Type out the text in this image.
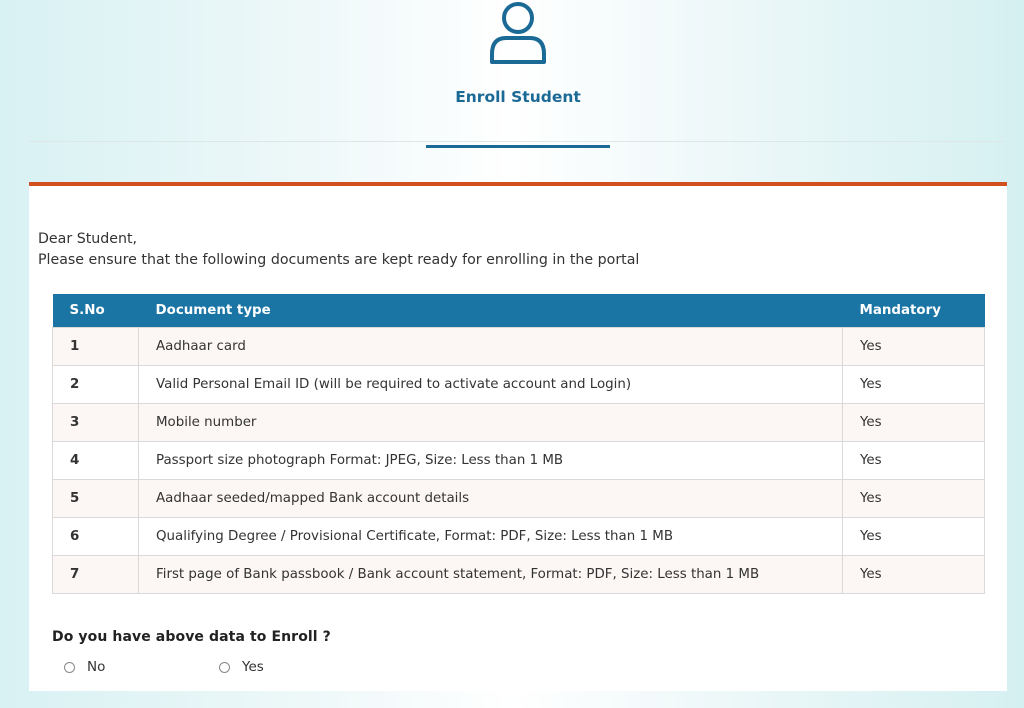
Enroll Student
Dear Student,
Please ensure that the following documents are kept ready for enrolling in the portal
S.No	Document type	Mandatory
1	Aadhaar card	Yes
2	Valid Personal Email ID (will be required to activate account and Login)	Yes
3	Mobile number	Yes
4	Passport size photograph Format: JPEG, Size: Less than 1 MB	Yes
5	Aadhaar seeded/mapped Bank account details	Yes
6	Qualifying Degree / Provisional Certificate, Format: PDF, Size: Less than 1 MB	Yes
7	First page of Bank passbook / Bank account statement, Format: PDF, Size: Less than 1 MB	Yes
Do you have above data to Enroll ?
No	Yes
